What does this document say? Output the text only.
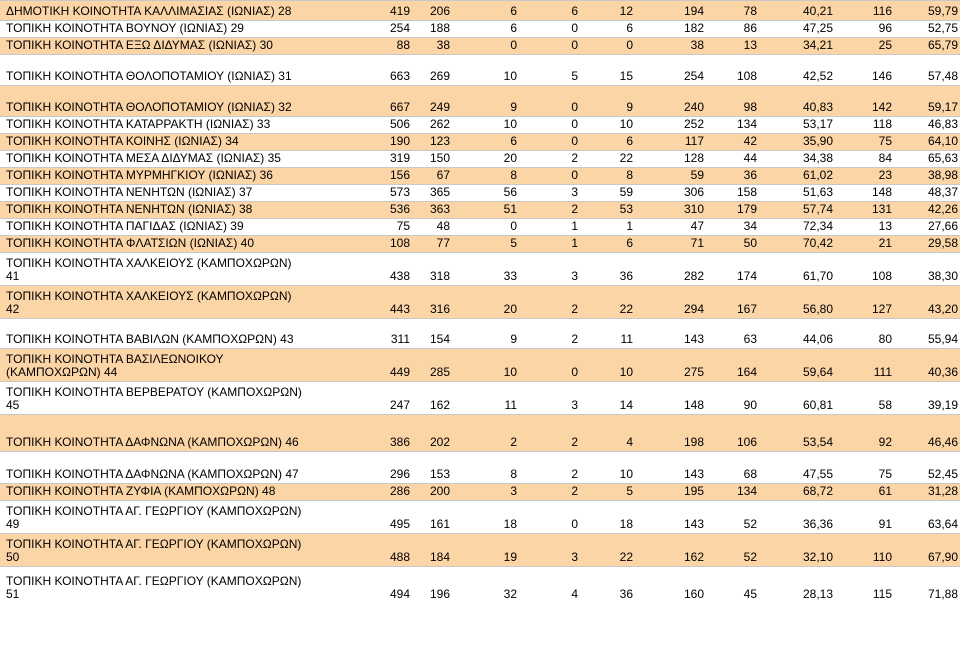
ΔΗΜΟΤΙΚΗ ΚΟΙΝΟΤΗΤΑ ΚΑΛΛΙΜΑΣΙΑΣ (ΙΩΝΙΑΣ) 28	419	206	6	6	12	194	78	40,21	116	59,79
ΤΟΠΙΚΗ ΚΟΙΝΟΤΗΤΑ ΒΟΥΝΟΥ (ΙΩΝΙΑΣ) 29	254	188	6	0	6	182	86	47,25	96	52,75
ΤΟΠΙΚΗ ΚΟΙΝΟΤΗΤΑ ΕΞΩ ΔΙΔΥΜΑΣ (ΙΩΝΙΑΣ) 30	88	38	0	0	0	38	13	34,21	25	65,79
ΤΟΠΙΚΗ ΚΟΙΝΟΤΗΤΑ ΘΟΛΟΠΟΤΑΜΙΟΥ (ΙΩΝΙΑΣ) 31	663	269	10	5	15	254	108	42,52	146	57,48
ΤΟΠΙΚΗ ΚΟΙΝΟΤΗΤΑ ΘΟΛΟΠΟΤΑΜΙΟΥ (ΙΩΝΙΑΣ) 32	667	249	9	0	9	240	98	40,83	142	59,17
ΤΟΠΙΚΗ ΚΟΙΝΟΤΗΤΑ ΚΑΤΑΡΡΑΚΤΗ (ΙΩΝΙΑΣ) 33	506	262	10	0	10	252	134	53,17	118	46,83
ΤΟΠΙΚΗ ΚΟΙΝΟΤΗΤΑ ΚΟΙΝΗΣ (ΙΩΝΙΑΣ) 34	190	123	6	0	6	117	42	35,90	75	64,10
ΤΟΠΙΚΗ ΚΟΙΝΟΤΗΤΑ ΜΕΣΑ ΔΙΔΥΜΑΣ (ΙΩΝΙΑΣ) 35	319	150	20	2	22	128	44	34,38	84	65,63
ΤΟΠΙΚΗ ΚΟΙΝΟΤΗΤΑ ΜΥΡΜΗΓΚΙΟΥ (ΙΩΝΙΑΣ) 36	156	67	8	0	8	59	36	61,02	23	38,98
ΤΟΠΙΚΗ ΚΟΙΝΟΤΗΤΑ ΝΕΝΗΤΩΝ (ΙΩΝΙΑΣ) 37	573	365	56	3	59	306	158	51,63	148	48,37
ΤΟΠΙΚΗ ΚΟΙΝΟΤΗΤΑ ΝΕΝΗΤΩΝ (ΙΩΝΙΑΣ) 38	536	363	51	2	53	310	179	57,74	131	42,26
ΤΟΠΙΚΗ ΚΟΙΝΟΤΗΤΑ ΠΑΓΙΔΑΣ (ΙΩΝΙΑΣ) 39	75	48	0	1	1	47	34	72,34	13	27,66
ΤΟΠΙΚΗ ΚΟΙΝΟΤΗΤΑ ΦΛΑΤΣΙΩΝ (ΙΩΝΙΑΣ) 40	108	77	5	1	6	71	50	70,42	21	29,58
ΤΟΠΙΚΗ ΚΟΙΝΟΤΗΤΑ ΧΑΛΚΕΙΟΥΣ (ΚΑΜΠΟΧΩΡΩΝ)
41	438	318	33	3	36	282	174	61,70	108	38,30
ΤΟΠΙΚΗ ΚΟΙΝΟΤΗΤΑ ΧΑΛΚΕΙΟΥΣ (ΚΑΜΠΟΧΩΡΩΝ)
42	443	316	20	2	22	294	167	56,80	127	43,20
ΤΟΠΙΚΗ ΚΟΙΝΟΤΗΤΑ ΒΑΒΙΛΩΝ (ΚΑΜΠΟΧΩΡΩΝ) 43	311	154	9	2	11	143	63	44,06	80	55,94
ΤΟΠΙΚΗ ΚΟΙΝΟΤΗΤΑ ΒΑΣΙΛΕΩΝΟΙΚΟΥ
(ΚΑΜΠΟΧΩΡΩΝ) 44	449	285	10	0	10	275	164	59,64	111	40,36
ΤΟΠΙΚΗ ΚΟΙΝΟΤΗΤΑ ΒΕΡΒΕΡΑΤΟΥ (ΚΑΜΠΟΧΩΡΩΝ)
45	247	162	11	3	14	148	90	60,81	58	39,19
ΤΟΠΙΚΗ ΚΟΙΝΟΤΗΤΑ ΔΑΦΝΩΝΑ (ΚΑΜΠΟΧΩΡΩΝ) 46	386	202	2	2	4	198	106	53,54	92	46,46
ΤΟΠΙΚΗ ΚΟΙΝΟΤΗΤΑ ΔΑΦΝΩΝΑ (ΚΑΜΠΟΧΩΡΩΝ) 47	296	153	8	2	10	143	68	47,55	75	52,45
ΤΟΠΙΚΗ ΚΟΙΝΟΤΗΤΑ ΖΥΦΙΑ (ΚΑΜΠΟΧΩΡΩΝ) 48	286	200	3	2	5	195	134	68,72	61	31,28
ΤΟΠΙΚΗ ΚΟΙΝΟΤΗΤΑ ΑΓ. ΓΕΩΡΓΙΟΥ (ΚΑΜΠΟΧΩΡΩΝ)
49	495	161	18	0	18	143	52	36,36	91	63,64
ΤΟΠΙΚΗ ΚΟΙΝΟΤΗΤΑ ΑΓ. ΓΕΩΡΓΙΟΥ (ΚΑΜΠΟΧΩΡΩΝ)
50	488	184	19	3	22	162	52	32,10	110	67,90
ΤΟΠΙΚΗ ΚΟΙΝΟΤΗΤΑ ΑΓ. ΓΕΩΡΓΙΟΥ (ΚΑΜΠΟΧΩΡΩΝ)
51	494	196	32	4	36	160	45	28,13	115	71,88
